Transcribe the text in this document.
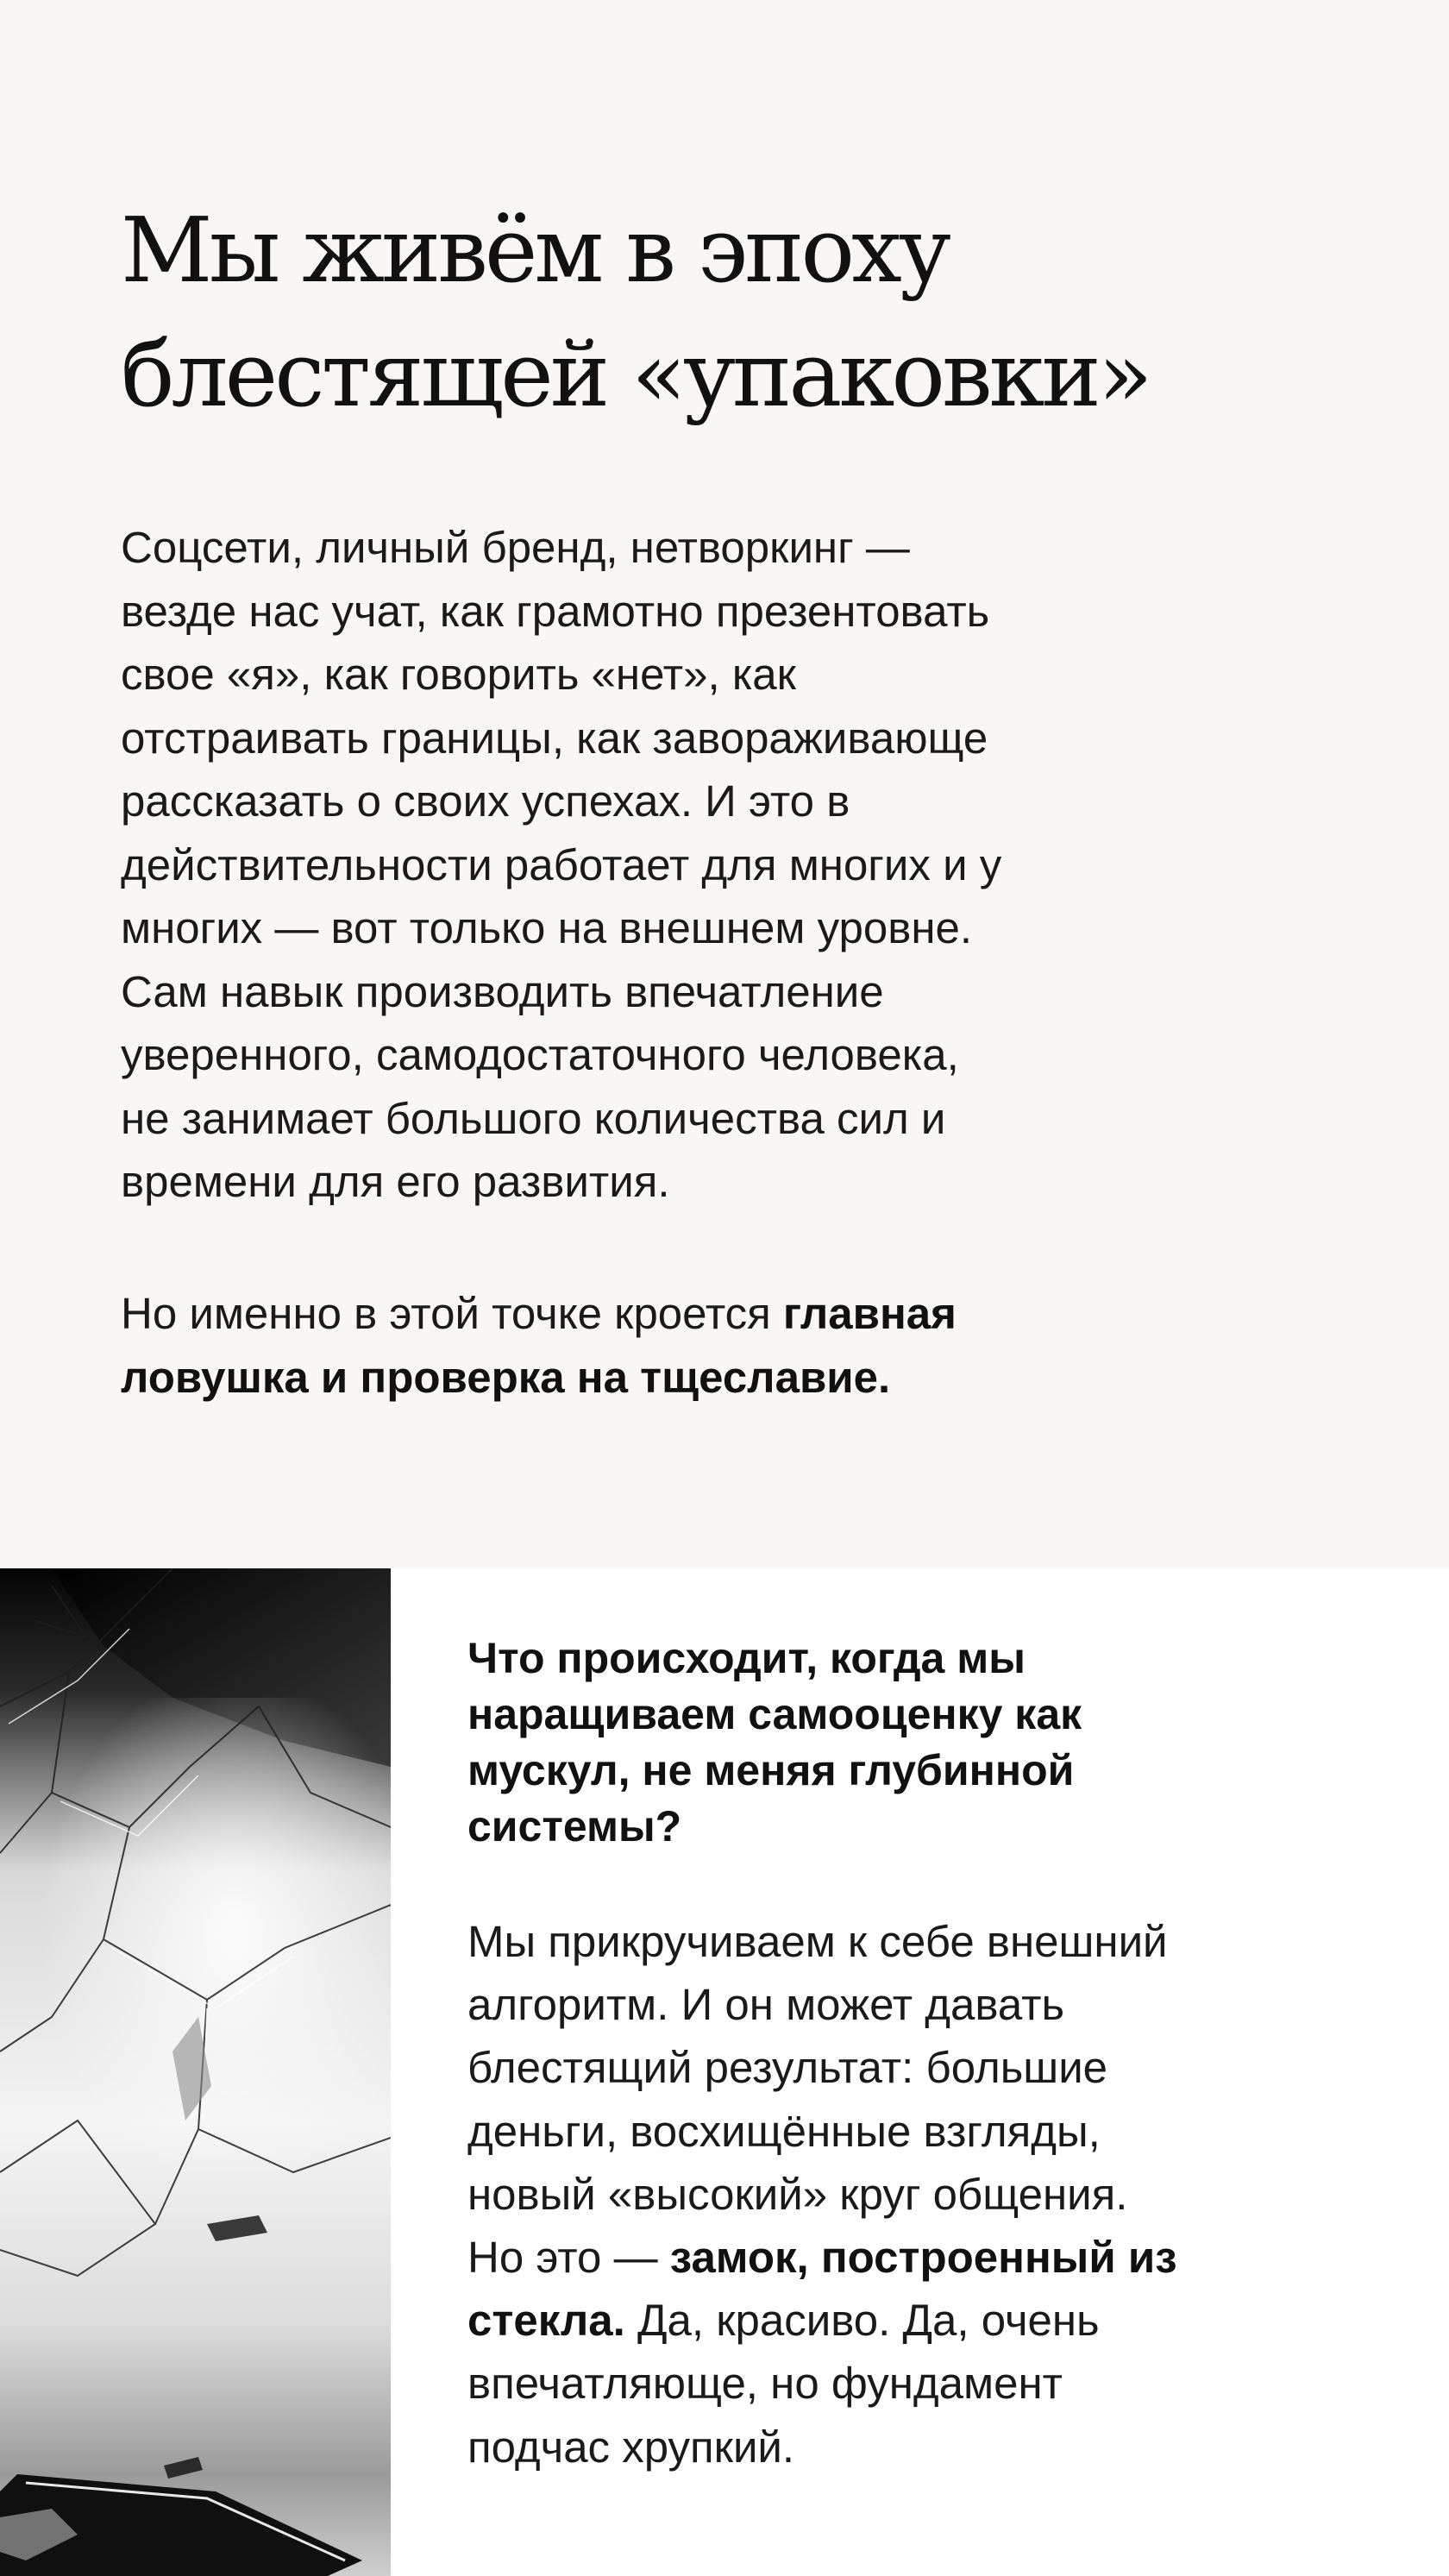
Мы живём в эпоху
блестящей «упаковки»

Соцсети, личный бренд, нетворкинг —
везде нас учат, как грамотно презентовать
свое «я», как говорить «нет», как
отстраивать границы, как завораживающе
рассказать о своих успехах. И это в
действительности работает для многих и у
многих — вот только на внешнем уровне.
Сам навык производить впечатление
уверенного, самодостаточного человека,
не занимает большого количества сил и
времени для его развития.

Но именно в этой точке кроется главная
ловушка и проверка на тщеславие.

Что происходит, когда мы
наращиваем самооценку как
мускул, не меняя глубинной
системы?

Мы прикручиваем к себе внешний
алгоритм. И он может давать
блестящий результат: большие
деньги, восхищённые взгляды,
новый «высокий» круг общения.
Но это — замок, построенный из
стекла. Да, красиво. Да, очень
впечатляюще, но фундамент
подчас хрупкий.
